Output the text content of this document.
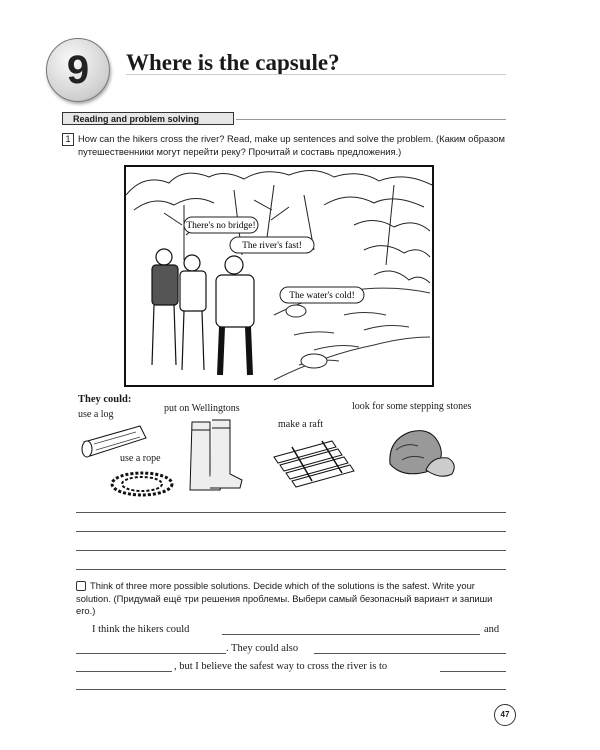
9	Where is the capsule?
Reading and problem solving
1 How can the hikers cross the river? Read, make up sentences and solve the problem. (Каким образом путешественники могут перейти реку? Прочитай и составь предложения.)
There's no bridge!
The river's fast!
The water's cold!
They could:
use a log
put on Wellingtons
make a raft
look for some stepping stones
use a rope
Think of three more possible solutions. Decide which of the solutions is the safest. Write your solution. (Придумай ещё три решения проблемы. Выбери самый безопасный вариант и запиши его.)
I think the hikers could	and
. They could also
, but I believe the safest way to cross the river is to
47
